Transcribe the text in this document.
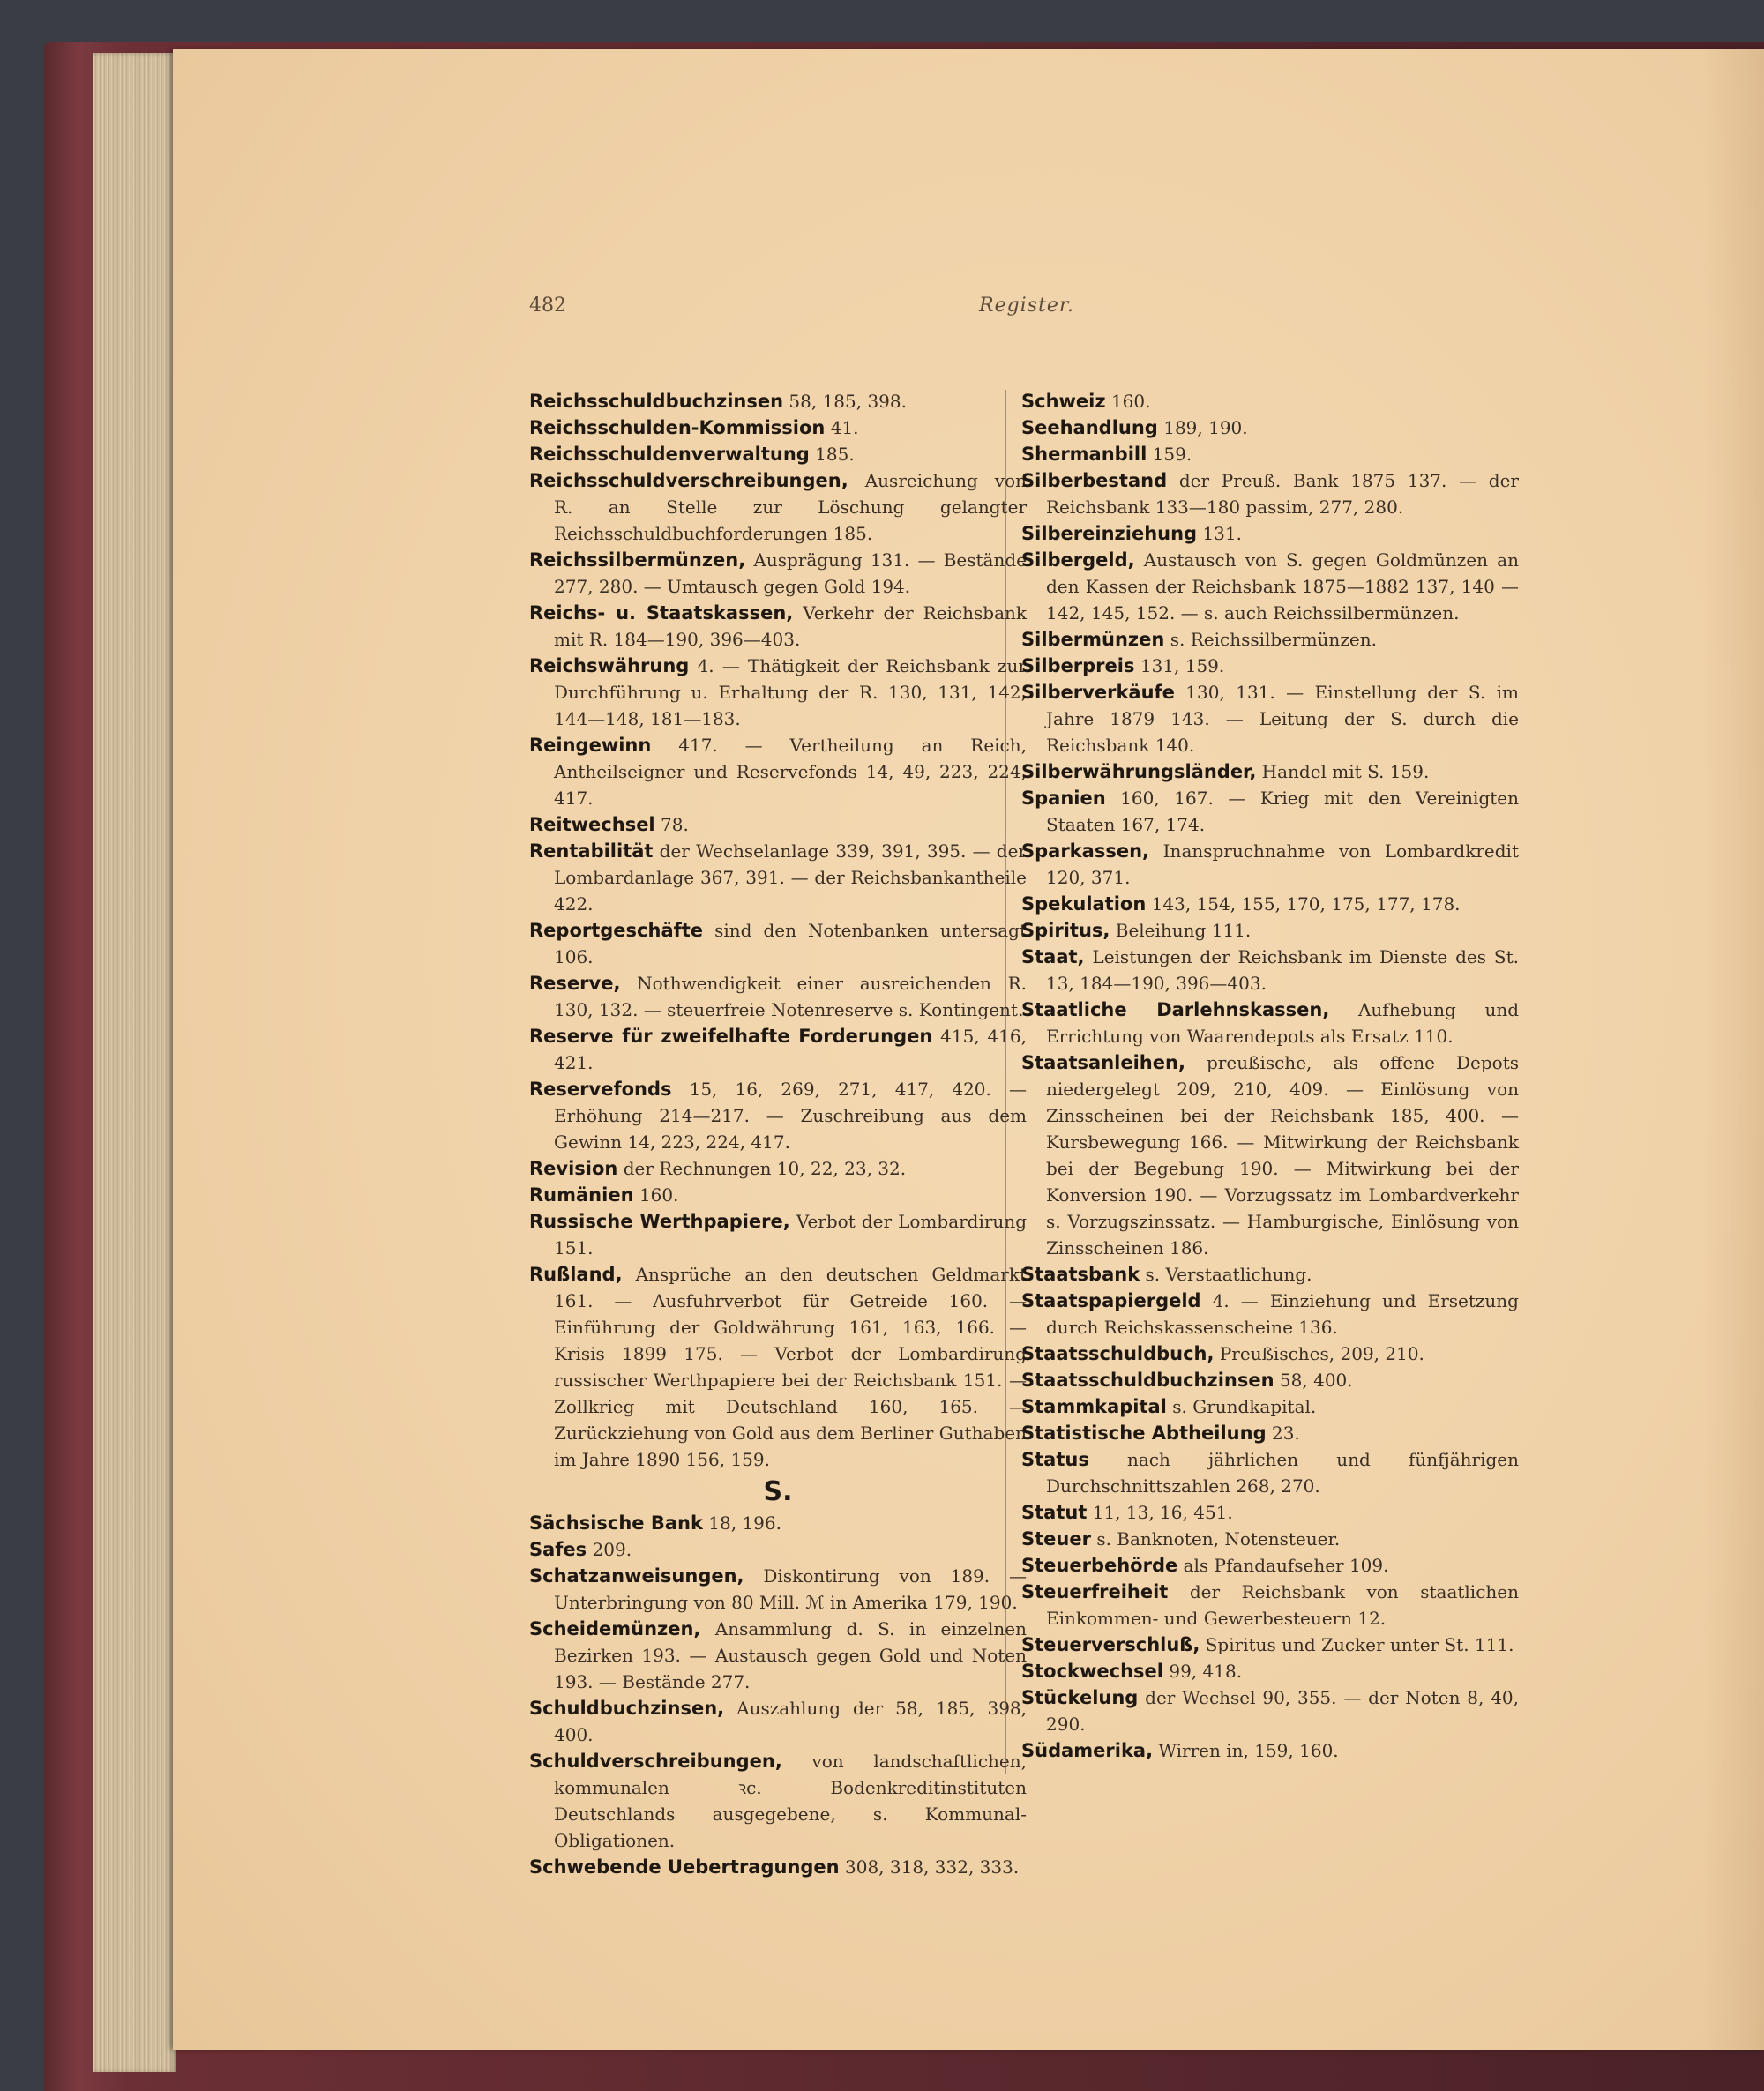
482	Register.
Reichsschuldbuchzinsen 58, 185, 398.
Reichsschulden-Kommission 41.
Reichsschuldenverwaltung 185.
Reichsschuldverschreibungen, Ausreichung von R. an Stelle zur Löschung gelangter Reichsschuldbuchforderungen 185.
Reichssilbermünzen, Ausprägung 131. — Bestände 277, 280. — Umtausch gegen Gold 194.
Reichs- u. Staatskassen, Verkehr der Reichsbank mit R. 184—190, 396—403.
Reichswährung 4. — Thätigkeit der Reichsbank zur Durchführung u. Erhaltung der R. 130, 131, 142, 144—148, 181—183.
Reingewinn 417. — Vertheilung an Reich, Antheilseigner und Reservefonds 14, 49, 223, 224, 417.
Reitwechsel 78.
Rentabilität der Wechselanlage 339, 391, 395. — der Lombardanlage 367, 391. — der Reichsbankantheile 422.
Reportgeschäfte sind den Notenbanken untersagt 106.
Reserve, Nothwendigkeit einer ausreichenden R. 130, 132. — steuerfreie Notenreserve s. Kontingent.
Reserve für zweifelhafte Forderungen 415, 416, 421.
Reservefonds 15, 16, 269, 271, 417, 420. — Erhöhung 214—217. — Zuschreibung aus dem Gewinn 14, 223, 224, 417.
Revision der Rechnungen 10, 22, 23, 32.
Rumänien 160.
Russische Werthpapiere, Verbot der Lombardirung 151.
Rußland, Ansprüche an den deutschen Geldmarkt 161. — Ausfuhrverbot für Getreide 160. — Einführung der Goldwährung 161, 163, 166. — Krisis 1899 175. — Verbot der Lombardirung russischer Werthpapiere bei der Reichsbank 151. — Zollkrieg mit Deutschland 160, 165. — Zurückziehung von Gold aus dem Berliner Guthaben im Jahre 1890 156, 159.
S.
Sächsische Bank 18, 196.
Safes 209.
Schatzanweisungen, Diskontirung von 189. — Unterbringung von 80 Mill. ℳ in Amerika 179, 190.
Scheidemünzen, Ansammlung d. S. in einzelnen Bezirken 193. — Austausch gegen Gold und Noten 193. — Bestände 277.
Schuldbuchzinsen, Auszahlung der 58, 185, 398, 400.
Schuldverschreibungen, von landschaftlichen, kommunalen ꝛc. Bodenkreditinstituten Deutschlands ausgegebene, s. Kommunal-Obligationen.
Schwebende Uebertragungen 308, 318, 332, 333.
Schweiz 160.
Seehandlung 189, 190.
Shermanbill 159.
Silberbestand der Preuß. Bank 1875 137. — der Reichsbank 133—180 passim, 277, 280.
Silbereinziehung 131.
Silbergeld, Austausch von S. gegen Goldmünzen an den Kassen der Reichsbank 1875—1882 137, 140 — 142, 145, 152. — s. auch Reichssilbermünzen.
Silbermünzen s. Reichssilbermünzen.
Silberpreis 131, 159.
Silberverkäufe 130, 131. — Einstellung der S. im Jahre 1879 143. — Leitung der S. durch die Reichsbank 140.
Silberwährungsländer, Handel mit S. 159.
Spanien 160, 167. — Krieg mit den Vereinigten Staaten 167, 174.
Sparkassen, Inanspruchnahme von Lombardkredit 120, 371.
Spekulation 143, 154, 155, 170, 175, 177, 178.
Spiritus, Beleihung 111.
Staat, Leistungen der Reichsbank im Dienste des St. 13, 184—190, 396—403.
Staatliche Darlehnskassen, Aufhebung und Errichtung von Waarendepots als Ersatz 110.
Staatsanleihen, preußische, als offene Depots niedergelegt 209, 210, 409. — Einlösung von Zinsscheinen bei der Reichsbank 185, 400. — Kursbewegung 166. — Mitwirkung der Reichsbank bei der Begebung 190. — Mitwirkung bei der Konversion 190. — Vorzugssatz im Lombardverkehr s. Vorzugszinssatz. — Hamburgische, Einlösung von Zinsscheinen 186.
Staatsbank s. Verstaatlichung.
Staatspapiergeld 4. — Einziehung und Ersetzung durch Reichskassenscheine 136.
Staatsschuldbuch, Preußisches, 209, 210.
Staatsschuldbuchzinsen 58, 400.
Stammkapital s. Grundkapital.
Statistische Abtheilung 23.
Status nach jährlichen und fünfjährigen Durchschnittszahlen 268, 270.
Statut 11, 13, 16, 451.
Steuer s. Banknoten, Notensteuer.
Steuerbehörde als Pfandaufseher 109.
Steuerfreiheit der Reichsbank von staatlichen Einkommen- und Gewerbesteuern 12.
Steuerverschluß, Spiritus und Zucker unter St. 111.
Stockwechsel 99, 418.
Stückelung der Wechsel 90, 355. — der Noten 8, 40, 290.
Südamerika, Wirren in, 159, 160.
